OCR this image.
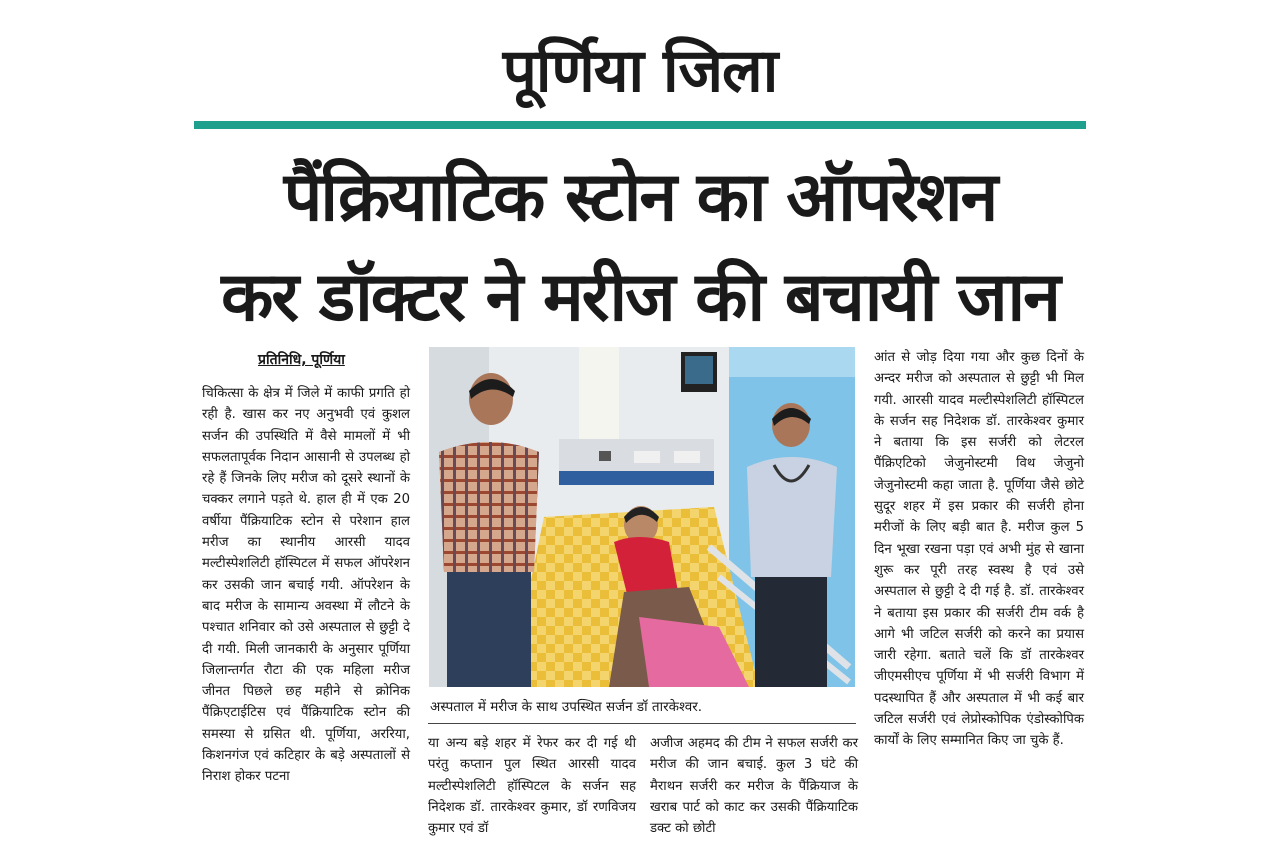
पूर्णिया जिला
पैंक्रियाटिक स्टोन का ऑपरेशन
कर डॉक्टर ने मरीज की बचायी जान
प्रतिनिधि, पूर्णिया

चिकित्सा के क्षेत्र में जिले में काफी प्रगति हो रही है. खास कर नए अनुभवी एवं कुशल सर्जन की उपस्थिति में वैसे मामलों में भी सफलतापूर्वक निदान आसानी से उपलब्ध हो रहे हैं जिनके लिए मरीज को दूसरे स्थानों के चक्कर लगाने पड़ते थे. हाल ही में एक 20 वर्षीया पैंक्रियाटिक स्टोन से परेशान हाल मरीज का स्थानीय आरसी यादव मल्टीस्पेशलिटी हॉस्पिटल में सफल ऑपरेशन कर उसकी जान बचाई गयी. ऑपरेशन के बाद मरीज के सामान्य अवस्था में लौटने के पश्चात शनिवार को उसे अस्पताल से छुट्टी दे दी गयी. मिली जानकारी के अनुसार पूर्णिया जिलान्तर्गत रौटा की एक महिला मरीज जीनत पिछले छह महीने से क्रोनिक पैंक्रिएटाईटिस एवं पैंक्रियाटिक स्टोन की समस्या से ग्रसित थी. पूर्णिया, अररिया, किशनगंज एवं कटिहार के बड़े अस्पतालों से निराश होकर पटना

अस्पताल में मरीज के साथ उपस्थित सर्जन डॉ तारकेश्वर.

या अन्य बड़े शहर में रेफर कर दी गई थी परंतु कप्तान पुल स्थित आरसी यादव मल्टीस्पेशलिटी हॉस्पिटल के सर्जन सह निदेशक डॉ. तारकेश्वर कुमार, डॉ रणविजय कुमार एवं डॉ

अजीज अहमद की टीम ने सफल सर्जरी कर मरीज की जान बचाई. कुल 3 घंटे की मैराथन सर्जरी कर मरीज के पैंक्रियाज के खराब पार्ट को काट कर उसकी पैंक्रियाटिक डक्ट को छोटी

आंत से जोड़ दिया गया और कुछ दिनों के अन्दर मरीज को अस्पताल से छुट्टी भी मिल गयी. आरसी यादव मल्टीस्पेशलिटी हॉस्पिटल के सर्जन सह निदेशक डॉ. तारकेश्वर कुमार ने बताया कि इस सर्जरी को लेटरल पैंक्रिएटिको जेजुनोस्टमी विथ जेजुनो जेजुनोस्टमी कहा जाता है. पूर्णिया जैसे छोटे सुदूर शहर में इस प्रकार की सर्जरी होना मरीजों के लिए बड़ी बात है. मरीज कुल 5 दिन भूखा रखना पड़ा एवं अभी मुंह से खाना शुरू कर पूरी तरह स्वस्थ है एवं उसे अस्पताल से छुट्टी दे दी गई है. डॉ. तारकेश्वर ने बताया इस प्रकार की सर्जरी टीम वर्क है आगे भी जटिल सर्जरी को करने का प्रयास जारी रहेगा. बताते चलें कि डॉ तारकेश्वर जीएमसीएच पूर्णिया में भी सर्जरी विभाग में पदस्थापित हैं और अस्पताल में भी कई बार जटिल सर्जरी एवं लेप्रोस्कोपिक एंडोस्कोपिक कार्यों के लिए सम्मानित किए जा चुके हैं.
